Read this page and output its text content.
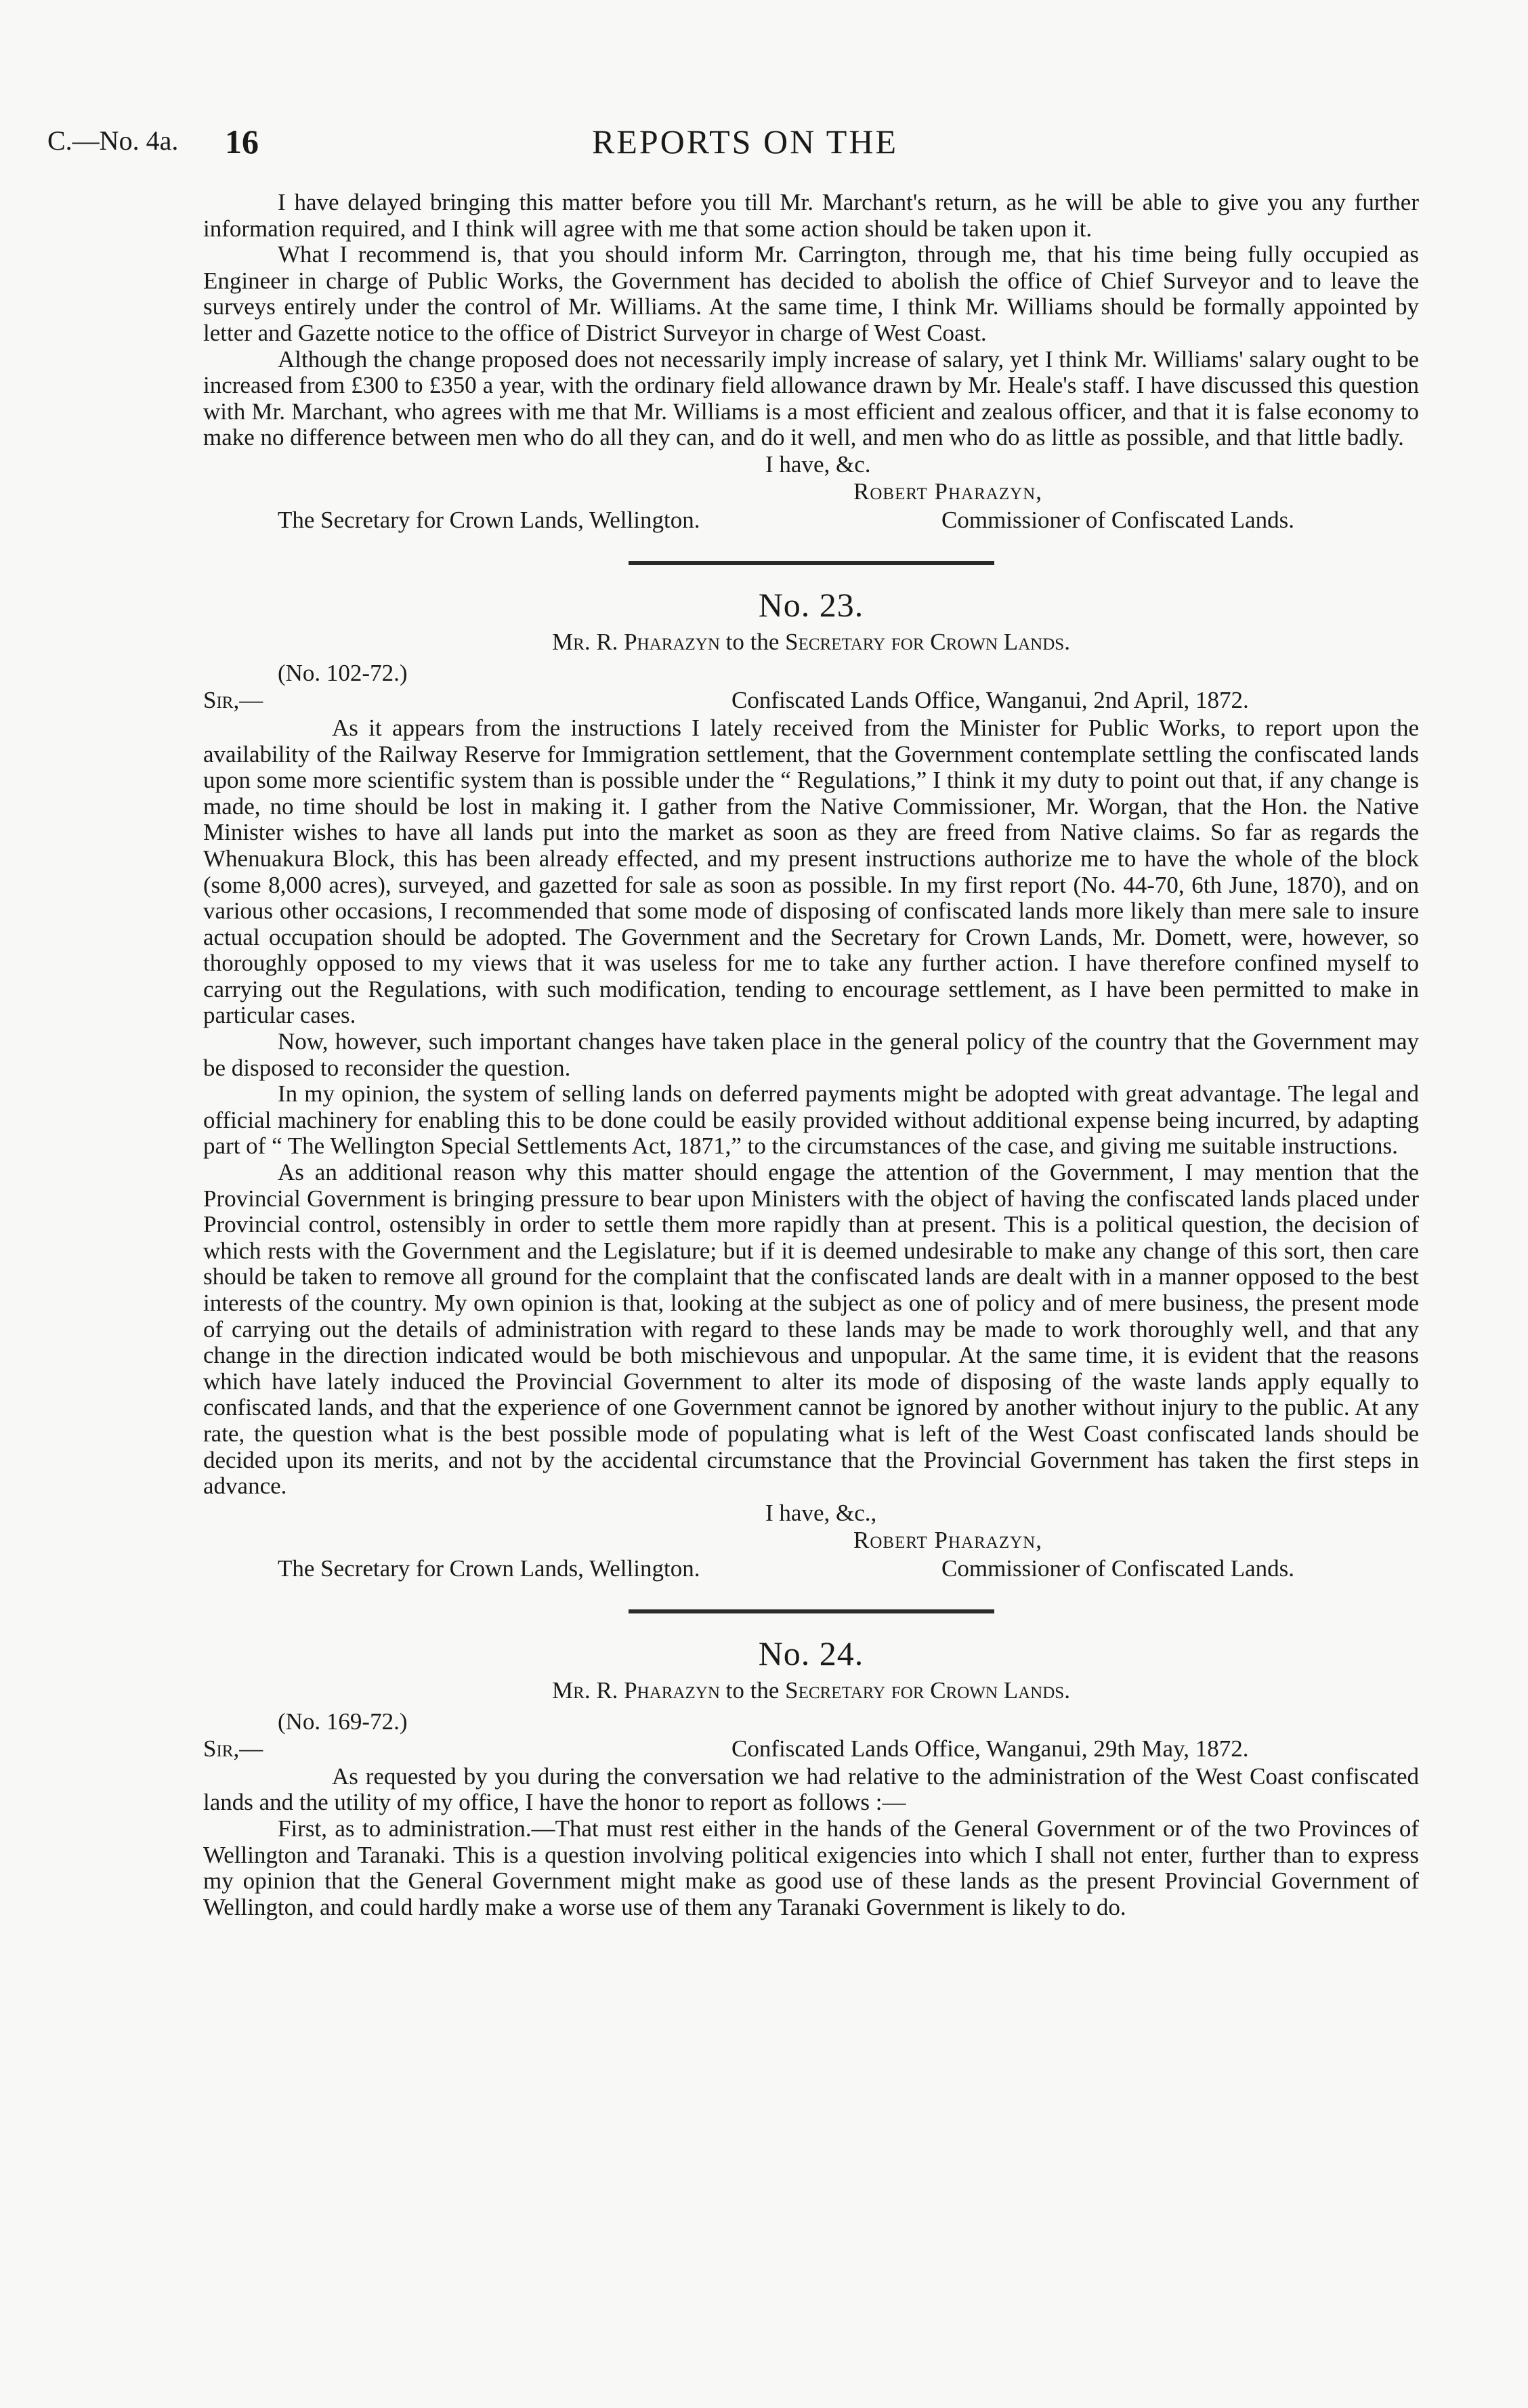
C.—No. 4a. 16	REPORTS ON THE

I have delayed bringing this matter before you till Mr. Marchant's return, as he will be able to give you any further information required, and I think will agree with me that some action should be taken upon it.

What I recommend is, that you should inform Mr. Carrington, through me, that his time being fully occupied as Engineer in charge of Public Works, the Government has decided to abolish the office of Chief Surveyor and to leave the surveys entirely under the control of Mr. Williams. At the same time, I think Mr. Williams should be formally appointed by letter and Gazette notice to the office of District Surveyor in charge of West Coast.

Although the change proposed does not necessarily imply increase of salary, yet I think Mr. Williams' salary ought to be increased from £300 to £350 a year, with the ordinary field allowance drawn by Mr. Heale's staff. I have discussed this question with Mr. Marchant, who agrees with me that Mr. Williams is a most efficient and zealous officer, and that it is false economy to make no difference between men who do all they can, and do it well, and men who do as little as possible, and that little badly.

I have, &c.
Robert Pharazyn,
The Secretary for Crown Lands, Wellington.	Commissioner of Confiscated Lands.
No. 23.
Mr. R. Pharazyn to the Secretary for Crown Lands.
(No. 102-72.)
Sir,—	Confiscated Lands Office, Wanganui, 2nd April, 1872.

As it appears from the instructions I lately received from the Minister for Public Works, to report upon the availability of the Railway Reserve for Immigration settlement, that the Government contemplate settling the confiscated lands upon some more scientific system than is possible under the “ Regulations,” I think it my duty to point out that, if any change is made, no time should be lost in making it. I gather from the Native Commissioner, Mr. Worgan, that the Hon. the Native Minister wishes to have all lands put into the market as soon as they are freed from Native claims. So far as regards the Whenuakura Block, this has been already effected, and my present instructions authorize me to have the whole of the block (some 8,000 acres), surveyed, and gazetted for sale as soon as possible. In my first report (No. 44-70, 6th June, 1870), and on various other occasions, I recommended that some mode of disposing of confiscated lands more likely than mere sale to insure actual occupation should be adopted. The Government and the Secretary for Crown Lands, Mr. Domett, were, however, so thoroughly opposed to my views that it was useless for me to take any further action. I have therefore confined myself to carrying out the Regulations, with such modification, tending to encourage settlement, as I have been permitted to make in particular cases.

Now, however, such important changes have taken place in the general policy of the country that the Government may be disposed to reconsider the question.

In my opinion, the system of selling lands on deferred payments might be adopted with great advantage. The legal and official machinery for enabling this to be done could be easily provided without additional expense being incurred, by adapting part of “ The Wellington Special Settlements Act, 1871,” to the circumstances of the case, and giving me suitable instructions.

As an additional reason why this matter should engage the attention of the Government, I may mention that the Provincial Government is bringing pressure to bear upon Ministers with the object of having the confiscated lands placed under Provincial control, ostensibly in order to settle them more rapidly than at present. This is a political question, the decision of which rests with the Government and the Legislature; but if it is deemed undesirable to make any change of this sort, then care should be taken to remove all ground for the complaint that the confiscated lands are dealt with in a manner opposed to the best interests of the country. My own opinion is that, looking at the subject as one of policy and of mere business, the present mode of carrying out the details of administration with regard to these lands may be made to work thoroughly well, and that any change in the direction indicated would be both mischievous and unpopular. At the same time, it is evident that the reasons which have lately induced the Provincial Government to alter its mode of disposing of the waste lands apply equally to confiscated lands, and that the experience of one Government cannot be ignored by another without injury to the public. At any rate, the question what is the best possible mode of populating what is left of the West Coast confiscated lands should be decided upon its merits, and not by the accidental circumstance that the Provincial Government has taken the first steps in advance.

I have, &c.,
Robert Pharazyn,
The Secretary for Crown Lands, Wellington.	Commissioner of Confiscated Lands.
No. 24.
Mr. R. Pharazyn to the Secretary for Crown Lands.
(No. 169-72.)
Sir,—	Confiscated Lands Office, Wanganui, 29th May, 1872.

As requested by you during the conversation we had relative to the administration of the West Coast confiscated lands and the utility of my office, I have the honor to report as follows :—

First, as to administration.—That must rest either in the hands of the General Government or of the two Provinces of Wellington and Taranaki. This is a question involving political exigencies into which I shall not enter, further than to express my opinion that the General Government might make as good use of these lands as the present Provincial Government of Wellington, and could hardly make a worse use of them any Taranaki Government is likely to do.
